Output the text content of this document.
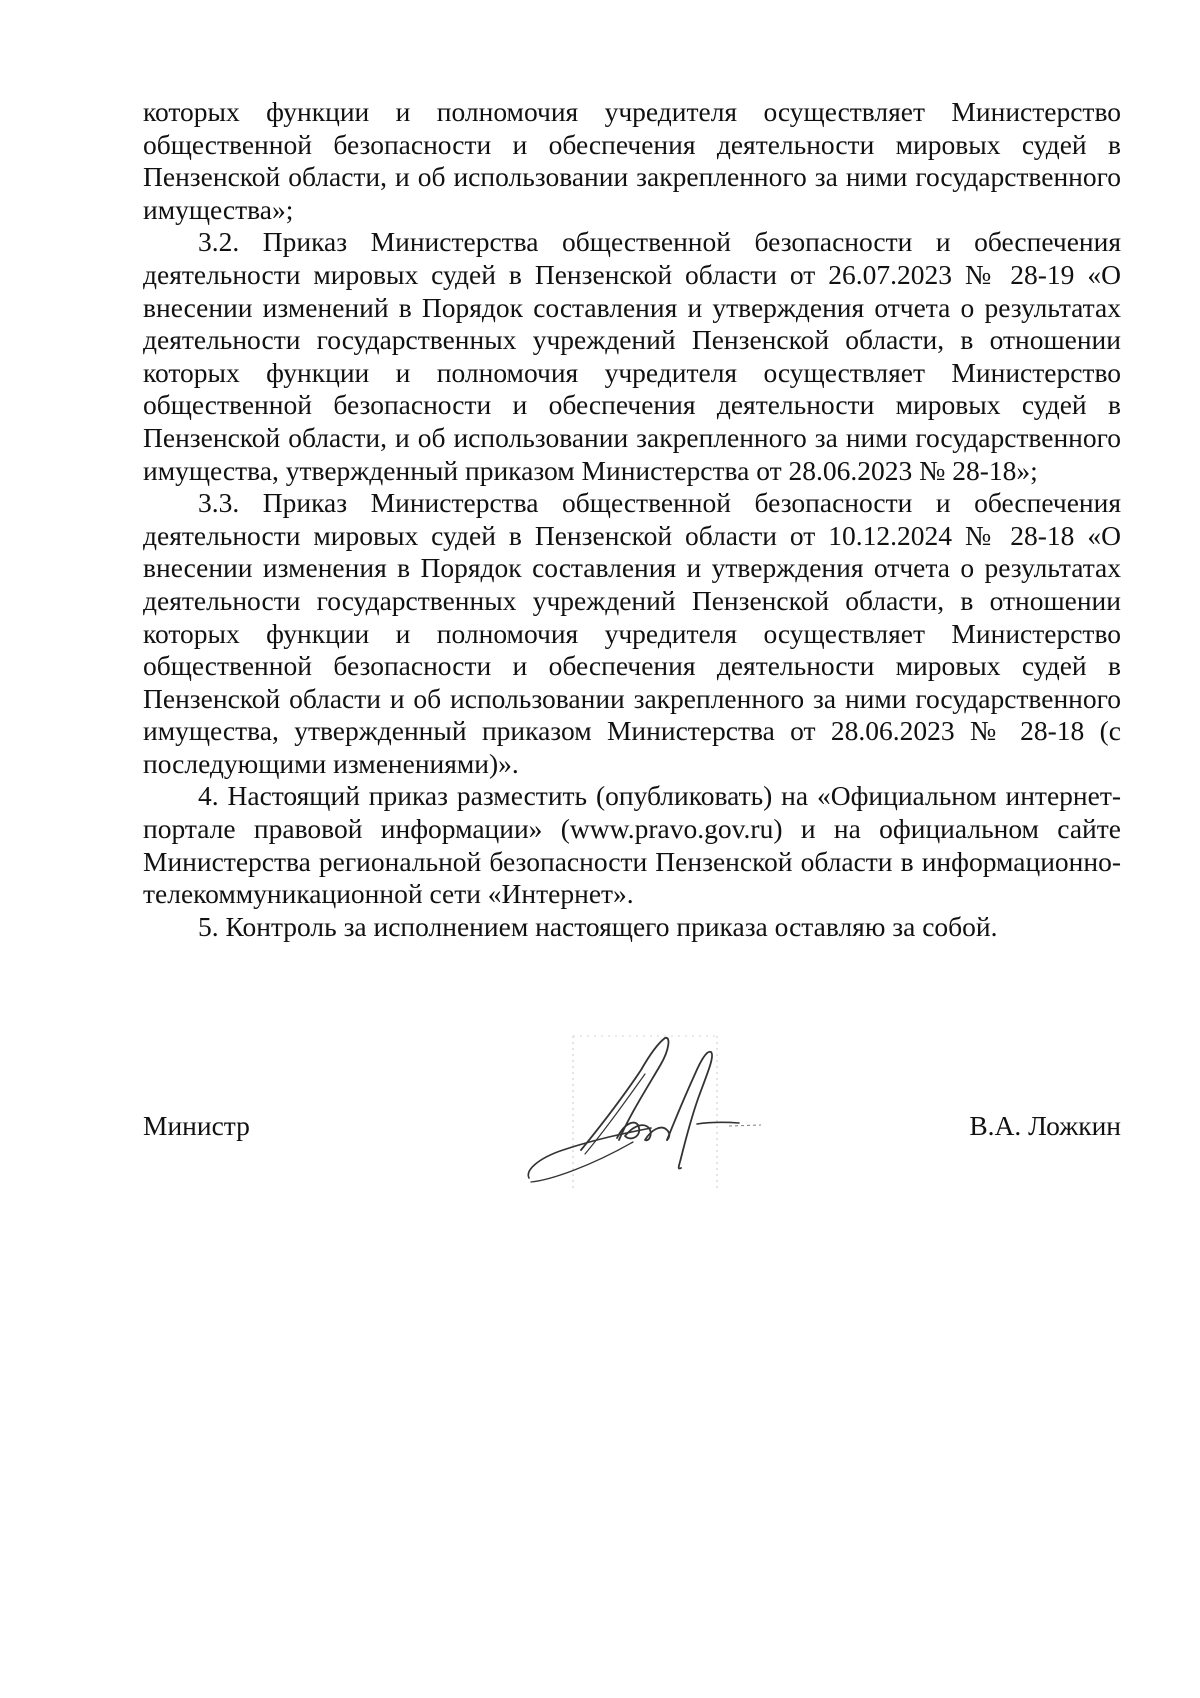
которых функции и полномочия учредителя осуществляет Министерство общественной безопасности и обеспечения деятельности мировых судей в Пензенской области, и об использовании закрепленного за ними государственного имущества»;

3.2. Приказ Министерства общественной безопасности и обеспечения деятельности мировых судей в Пензенской области от 26.07.2023 № 28-19 «О внесении изменений в Порядок составления и утверждения отчета о результатах деятельности государственных учреждений Пензенской области, в отношении которых функции и полномочия учредителя осуществляет Министерство общественной безопасности и обеспечения деятельности мировых судей в Пензенской области, и об использовании закрепленного за ними государственного имущества, утвержденный приказом Министерства от 28.06.2023 № 28-18»;

3.3. Приказ Министерства общественной безопасности и обеспечения деятельности мировых судей в Пензенской области от 10.12.2024 № 28-18 «О внесении изменения в Порядок составления и утверждения отчета о результатах деятельности государственных учреждений Пензенской области, в отношении которых функции и полномочия учредителя осуществляет Министерство общественной безопасности и обеспечения деятельности мировых судей в Пензенской области и об использовании закрепленного за ними государственного имущества, утвержденный приказом Министерства от 28.06.2023 № 28-18 (с последующими изменениями)».

4. Настоящий приказ разместить (опубликовать) на «Официальном интернет-портале правовой информации» (www.pravo.gov.ru) и на официальном сайте Министерства региональной безопасности Пензенской области в информационно-телекоммуникационной сети «Интернет».

5. Контроль за исполнением настоящего приказа оставляю за собой.

Министр	В.А. Ложкин
